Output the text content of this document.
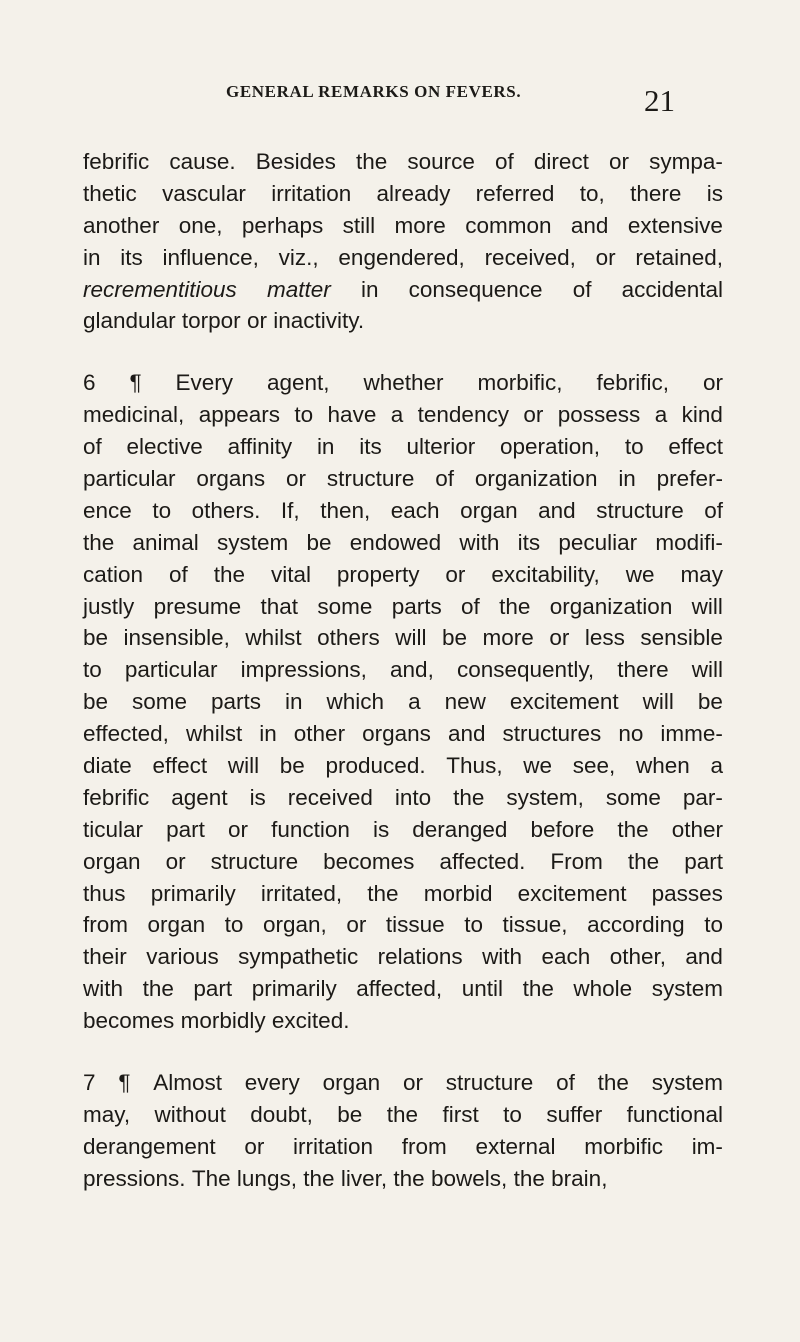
GENERAL REMARKS ON FEVERS.	21
febrific cause. Besides the source of direct or sympa-
thetic vascular irritation already referred to, there is
another one, perhaps still more common and extensive
in its influence, viz., engendered, received, or retained,
recrementitious matter in consequence of accidental
glandular torpor or inactivity.
6 ¶ Every agent, whether morbific, febrific, or
medicinal, appears to have a tendency or possess a kind
of elective affinity in its ulterior operation, to effect
particular organs or structure of organization in prefer-
ence to others. If, then, each organ and structure of
the animal system be endowed with its peculiar modifi-
cation of the vital property or excitability, we may
justly presume that some parts of the organization will
be insensible, whilst others will be more or less sensible
to particular impressions, and, consequently, there will
be some parts in which a new excitement will be
effected, whilst in other organs and structures no imme-
diate effect will be produced. Thus, we see, when a
febrific agent is received into the system, some par-
ticular part or function is deranged before the other
organ or structure becomes affected. From the part
thus primarily irritated, the morbid excitement passes
from organ to organ, or tissue to tissue, according to
their various sympathetic relations with each other, and
with the part primarily affected, until the whole system
becomes morbidly excited.
7 ¶ Almost every organ or structure of the system
may, without doubt, be the first to suffer functional
derangement or irritation from external morbific im-
pressions. The lungs, the liver, the bowels, the brain,
